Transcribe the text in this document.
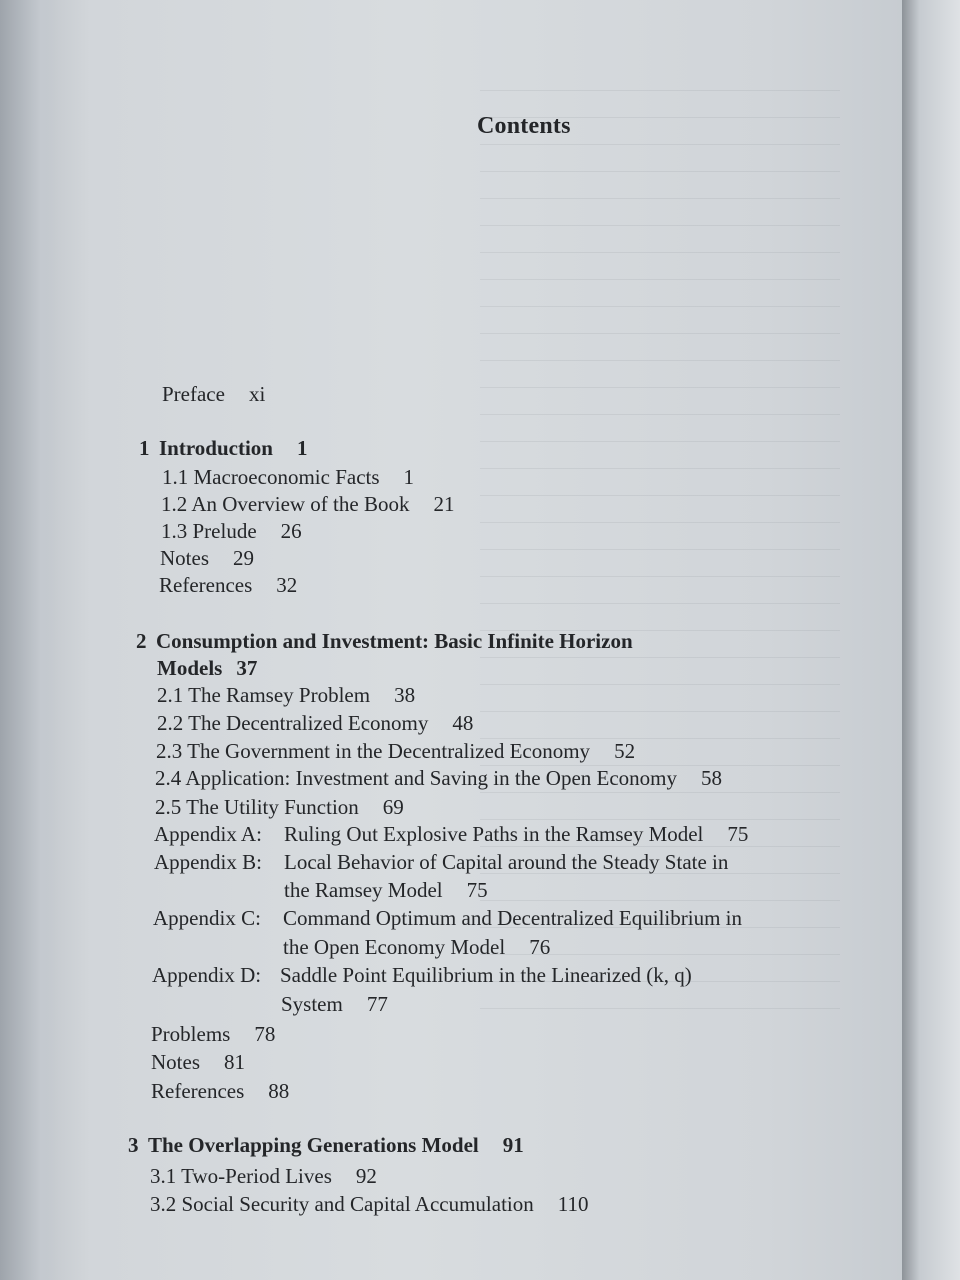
Contents
Preface xi
1 Introduction 1
1.1 Macroeconomic Facts 1
1.2 An Overview of the Book 21
1.3 Prelude 26
Notes 29
References 32
2 Consumption and Investment: Basic Infinite Horizon
Models 37
2.1 The Ramsey Problem 38
2.2 The Decentralized Economy 48
2.3 The Government in the Decentralized Economy 52
2.4 Application: Investment and Saving in the Open Economy 58
2.5 The Utility Function 69
Appendix A: Ruling Out Explosive Paths in the Ramsey Model 75
Appendix B: Local Behavior of Capital around the Steady State in
the Ramsey Model 75
Appendix C: Command Optimum and Decentralized Equilibrium in
the Open Economy Model 76
Appendix D: Saddle Point Equilibrium in the Linearized (k, q)
System 77
Problems 78
Notes 81
References 88
3 The Overlapping Generations Model 91
3.1 Two-Period Lives 92
3.2 Social Security and Capital Accumulation 110
